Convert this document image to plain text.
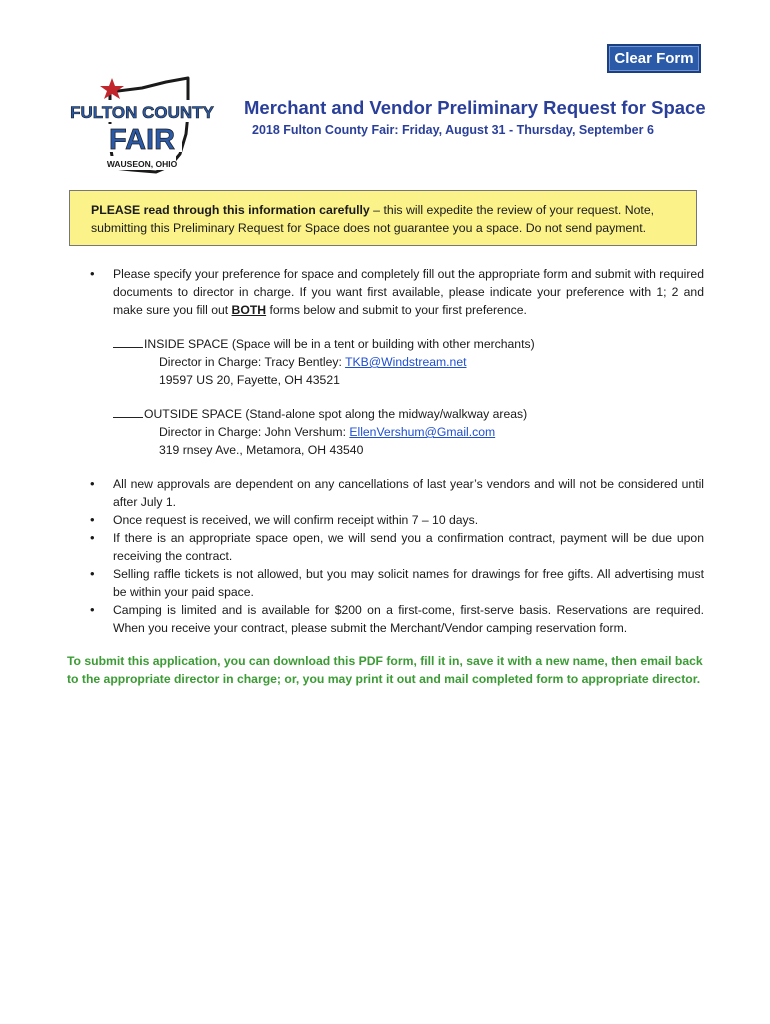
Clear Form
FULTON COUNTY
FAIR
WAUSEON, OHIO
Merchant and Vendor Preliminary Request for Space
2018 Fulton County Fair: Friday, August 31 - Thursday, September 6
PLEASE read through this information carefully – this will expedite the review of your request. Note, submitting this Preliminary Request for Space does not guarantee you a space. Do not send payment.
• Please specify your preference for space and completely fill out the appropriate form and submit with required documents to director in charge. If you want first available, please indicate your preference with 1; 2 and make sure you fill out BOTH forms below and submit to your first preference.
INSIDE SPACE (Space will be in a tent or building with other merchants)
Director in Charge: Tracy Bentley: TKB@Windstream.net
19597 US 20, Fayette, OH 43521
OUTSIDE SPACE (Stand-alone spot along the midway/walkway areas)
Director in Charge: John Vershum: EllenVershum@Gmail.com
319 rnsey Ave., Metamora, OH 43540
• All new approvals are dependent on any cancellations of last year’s vendors and will not be considered until after July 1.
• Once request is received, we will confirm receipt within 7 – 10 days.
• If there is an appropriate space open, we will send you a confirmation contract, payment will be due upon receiving the contract.
• Selling raffle tickets is not allowed, but you may solicit names for drawings for free gifts. All advertising must be within your paid space.
• Camping is limited and is available for $200 on a first-come, first-serve basis. Reservations are required. When you receive your contract, please submit the Merchant/Vendor camping reservation form.
To submit this application, you can download this PDF form, fill it in, save it with a new name, then email back to the appropriate director in charge; or, you may print it out and mail completed form to appropriate director.
